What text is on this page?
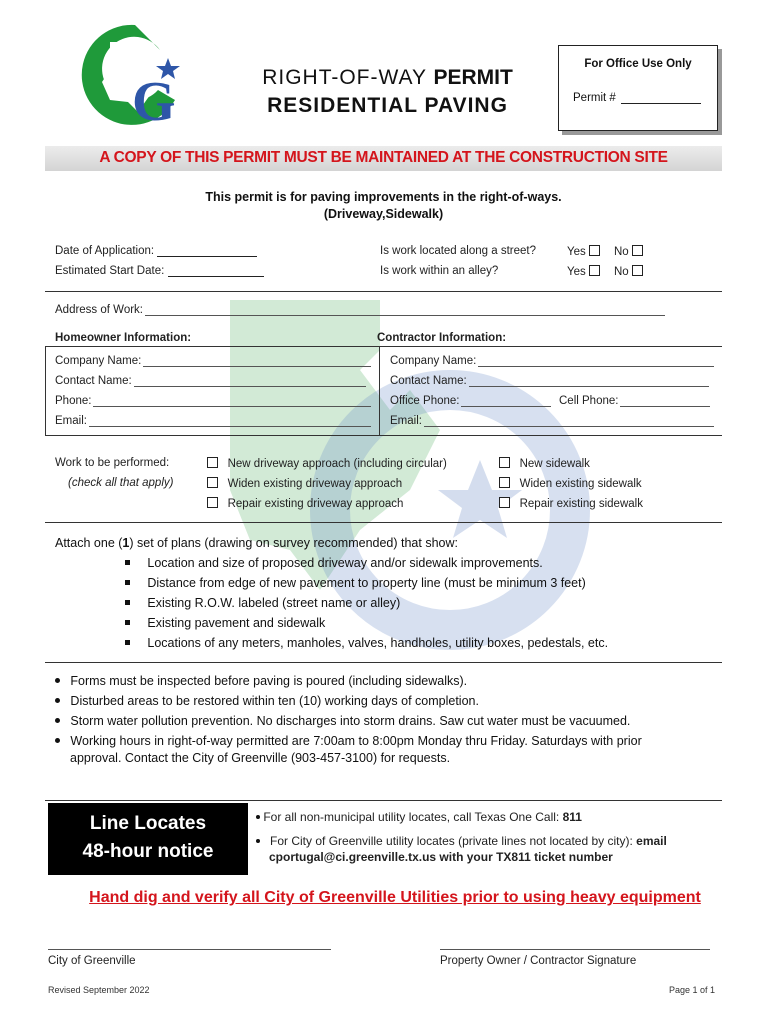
G	RIGHT-OF-WAY PERMIT
RESIDENTIAL PAVING
For Office Use Only
Permit #
A COPY OF THIS PERMIT MUST BE MAINTAINED AT THE CONSTRUCTION SITE
This permit is for paving improvements in the right-of-ways.
(Driveway,Sidewalk)
Date of Application:
Estimated Start Date:
Is work located along a street?
Is work within an alley?
Yes	No
Yes	No
Address of Work:
Homeowner Information:	Contractor Information:
Company Name:
Contact Name:
Phone:
Email:
Company Name:
Contact Name:
Office Phone:	Cell Phone:
Email:
Work to be performed:
(check all that apply)
New driveway approach (including circular)
Widen existing driveway approach
Repair existing driveway approach
New sidewalk
Widen existing sidewalk
Repair existing sidewalk
Attach one (1) set of plans (drawing on survey recommended) that show:
Location and size of proposed driveway and/or sidewalk improvements.
Distance from edge of new pavement to property line (must be minimum 3 feet)
Existing R.O.W. labeled (street name or alley)
Existing pavement and sidewalk
Locations of any meters, manholes, valves, handholes, utility boxes, pedestals, etc.
Forms must be inspected before paving is poured (including sidewalks).
Disturbed areas to be restored within ten (10) working days of completion.
Storm water pollution prevention. No discharges into storm drains. Saw cut water must be vacuumed.
Working hours in right-of-way permitted are 7:00am to 8:00pm Monday thru Friday. Saturdays with prior
approval. Contact the City of Greenville (903-457-3100) for requests.
Line Locates
48-hour notice
For all non-municipal utility locates, call Texas One Call: 811
For City of Greenville utility locates (private lines not located by city): email
cportugal@ci.greenville.tx.us with your TX811 ticket number
Hand dig and verify all City of Greenville Utilities prior to using heavy equipment
City of Greenville	Property Owner / Contractor Signature
Revised September 2022	Page 1 of 1
